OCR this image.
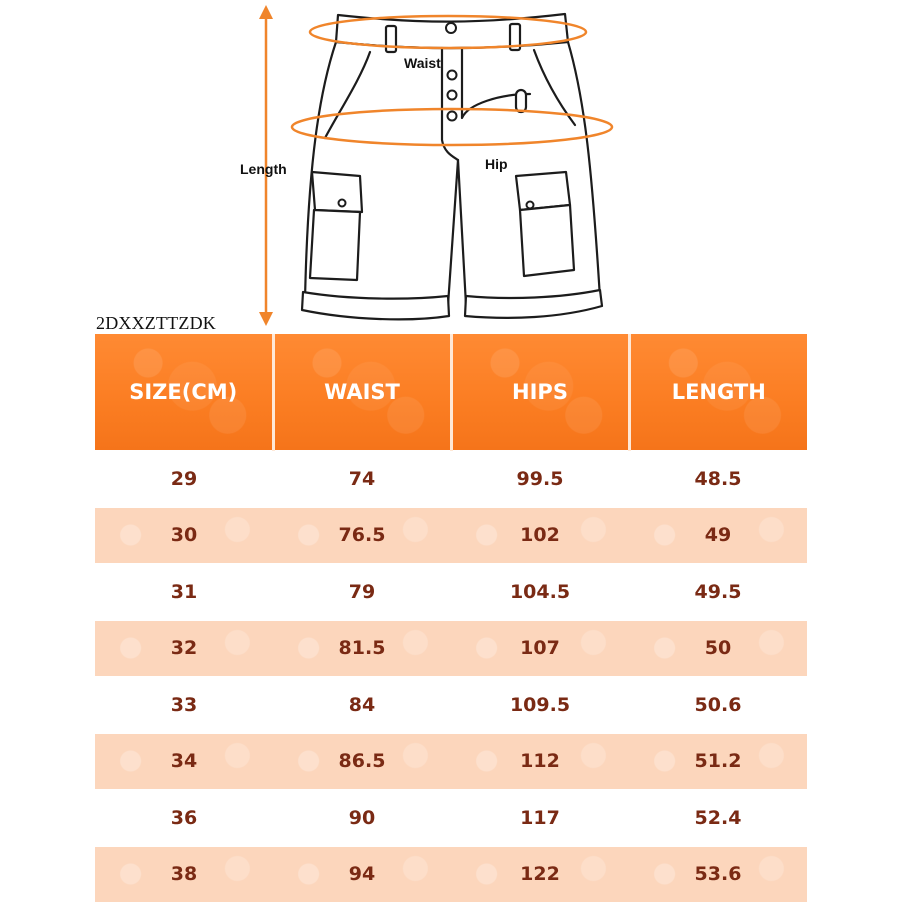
Waist
Hip
Length
2DXXZTTZDK
SIZE(CM)	WAIST	HIPS	LENGTH
29	74	99.5	48.5
30	76.5	102	49
31	79	104.5	49.5
32	81.5	107	50
33	84	109.5	50.6
34	86.5	112	51.2
36	90	117	52.4
38	94	122	53.6
